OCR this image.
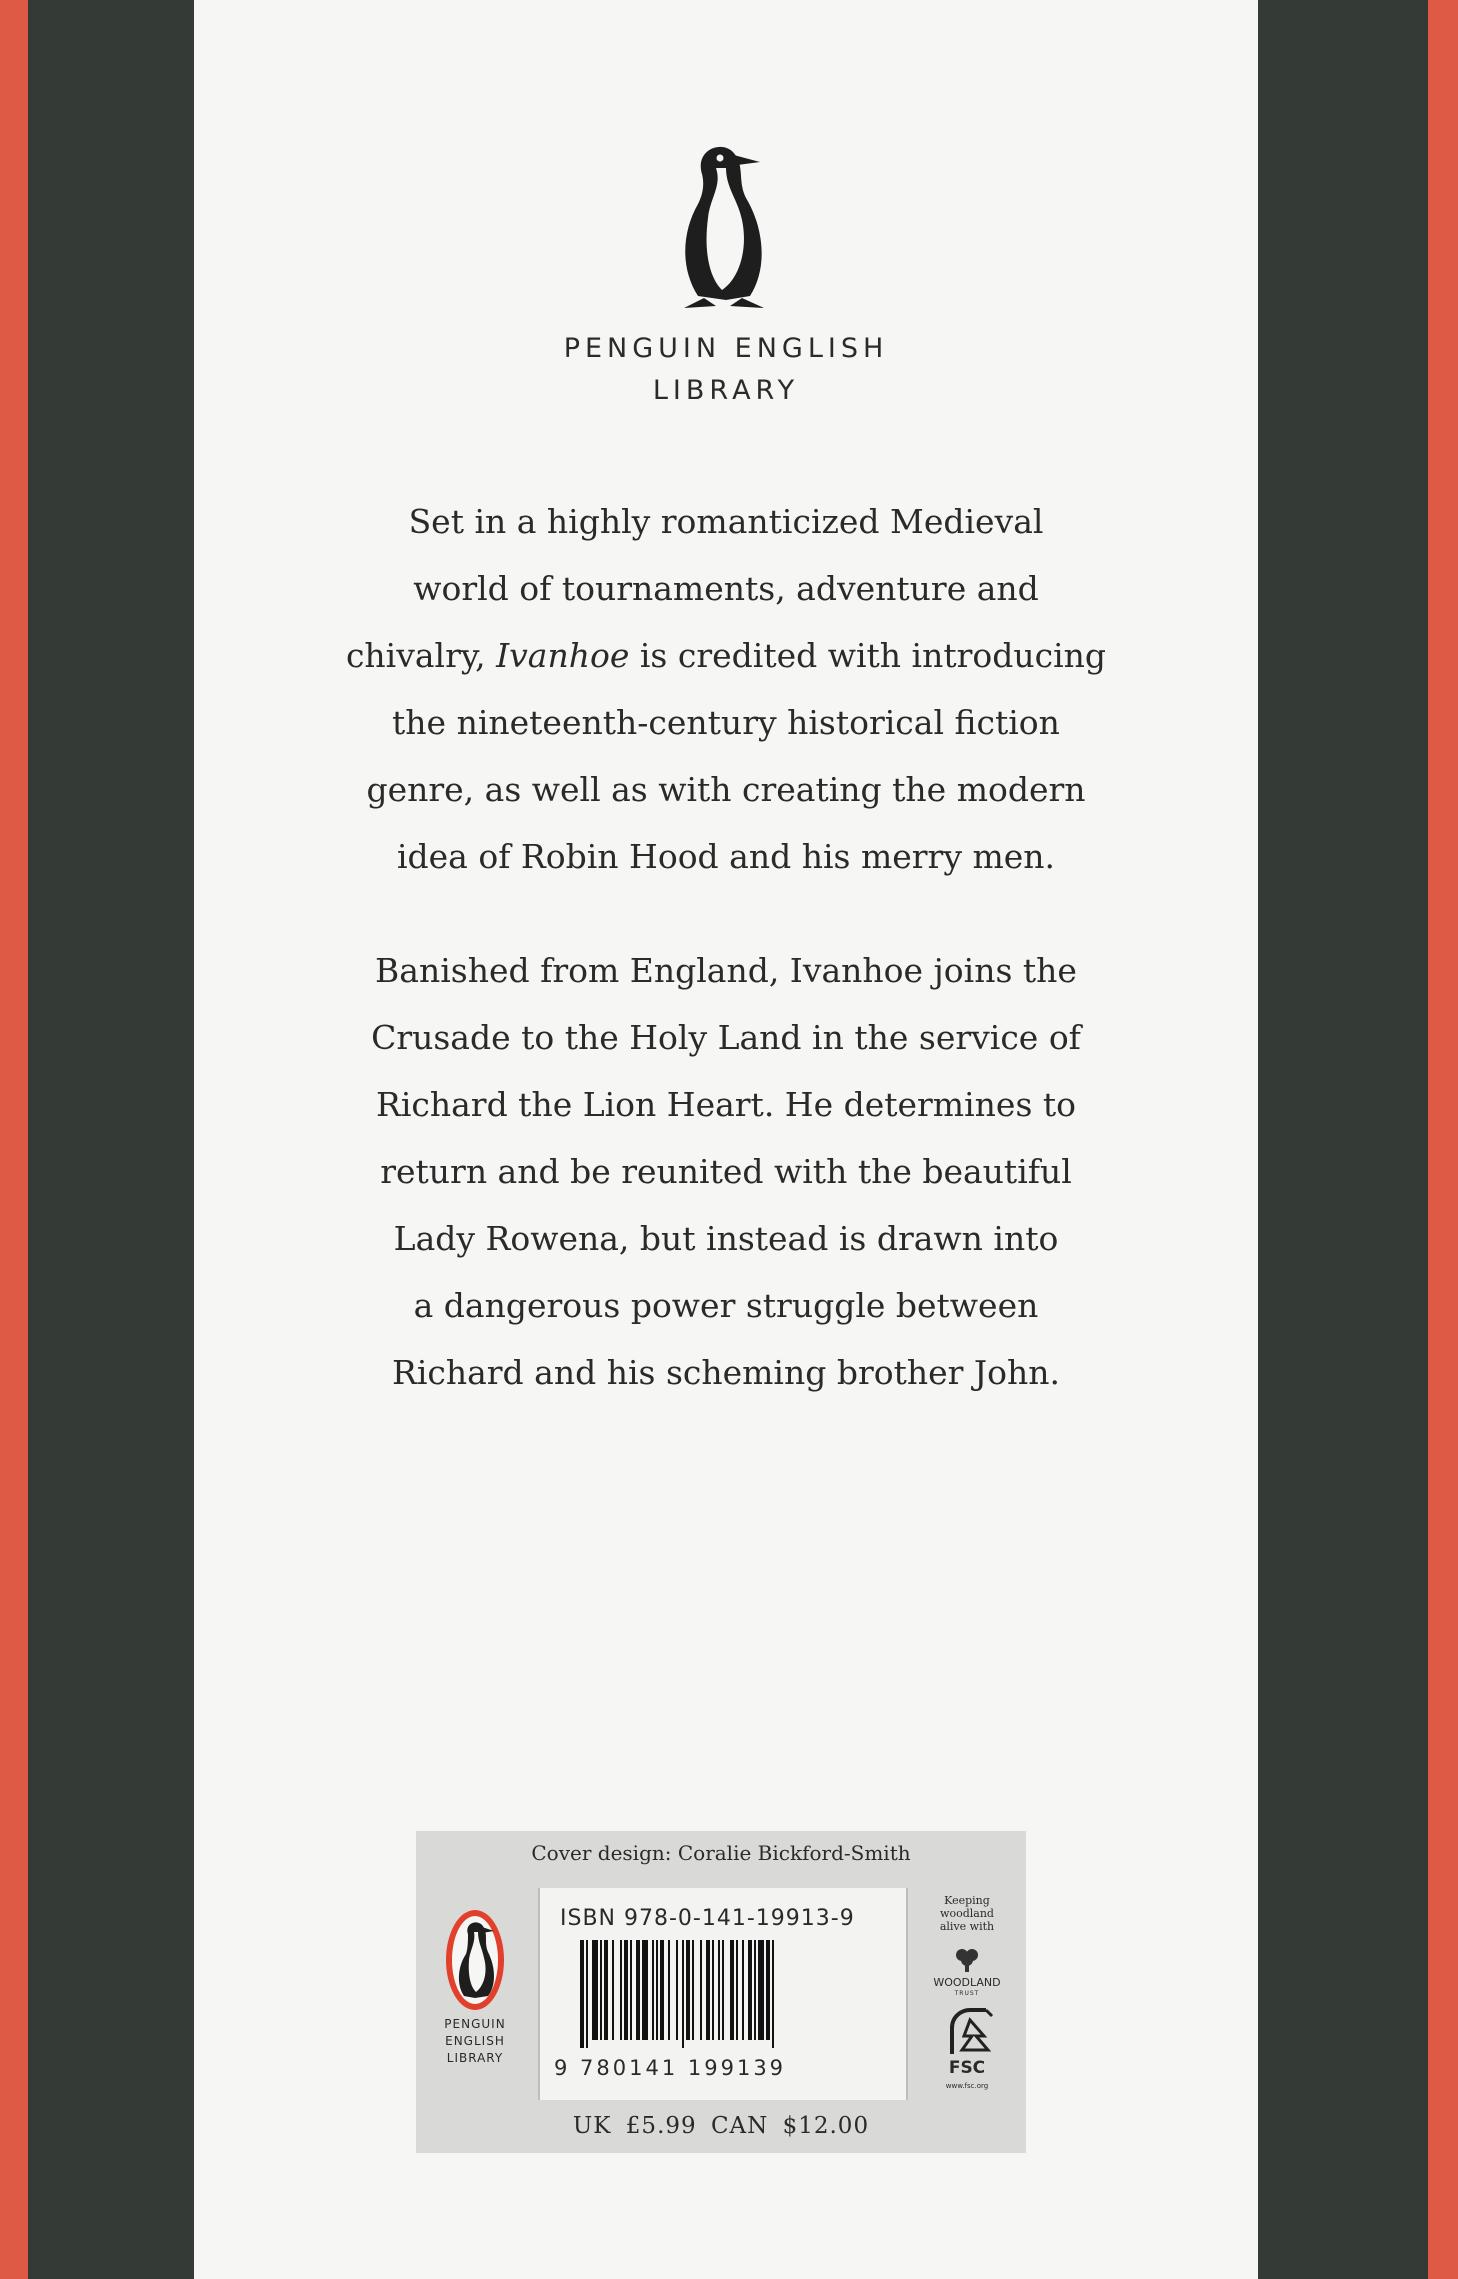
PENGUIN ENGLISH
LIBRARY
Set in a highly romanticized Medieval
world of tournaments, adventure and
chivalry, Ivanhoe is credited with introducing
the nineteenth-century historical fiction
genre, as well as with creating the modern
idea of Robin Hood and his merry men.
Banished from England, Ivanhoe joins the
Crusade to the Holy Land in the service of
Richard the Lion Heart. He determines to
return and be reunited with the beautiful
Lady Rowena, but instead is drawn into
a dangerous power struggle between
Richard and his scheming brother John.
Cover design: Coralie Bickford-Smith
PENGUIN
ENGLISH
LIBRARY
ISBN 978-0-141-19913-9
9 780141 199139
Keeping
woodland
alive with
WOODLAND
TRUST
FSC
www.fsc.org
UK £5.99 CAN $12.00
